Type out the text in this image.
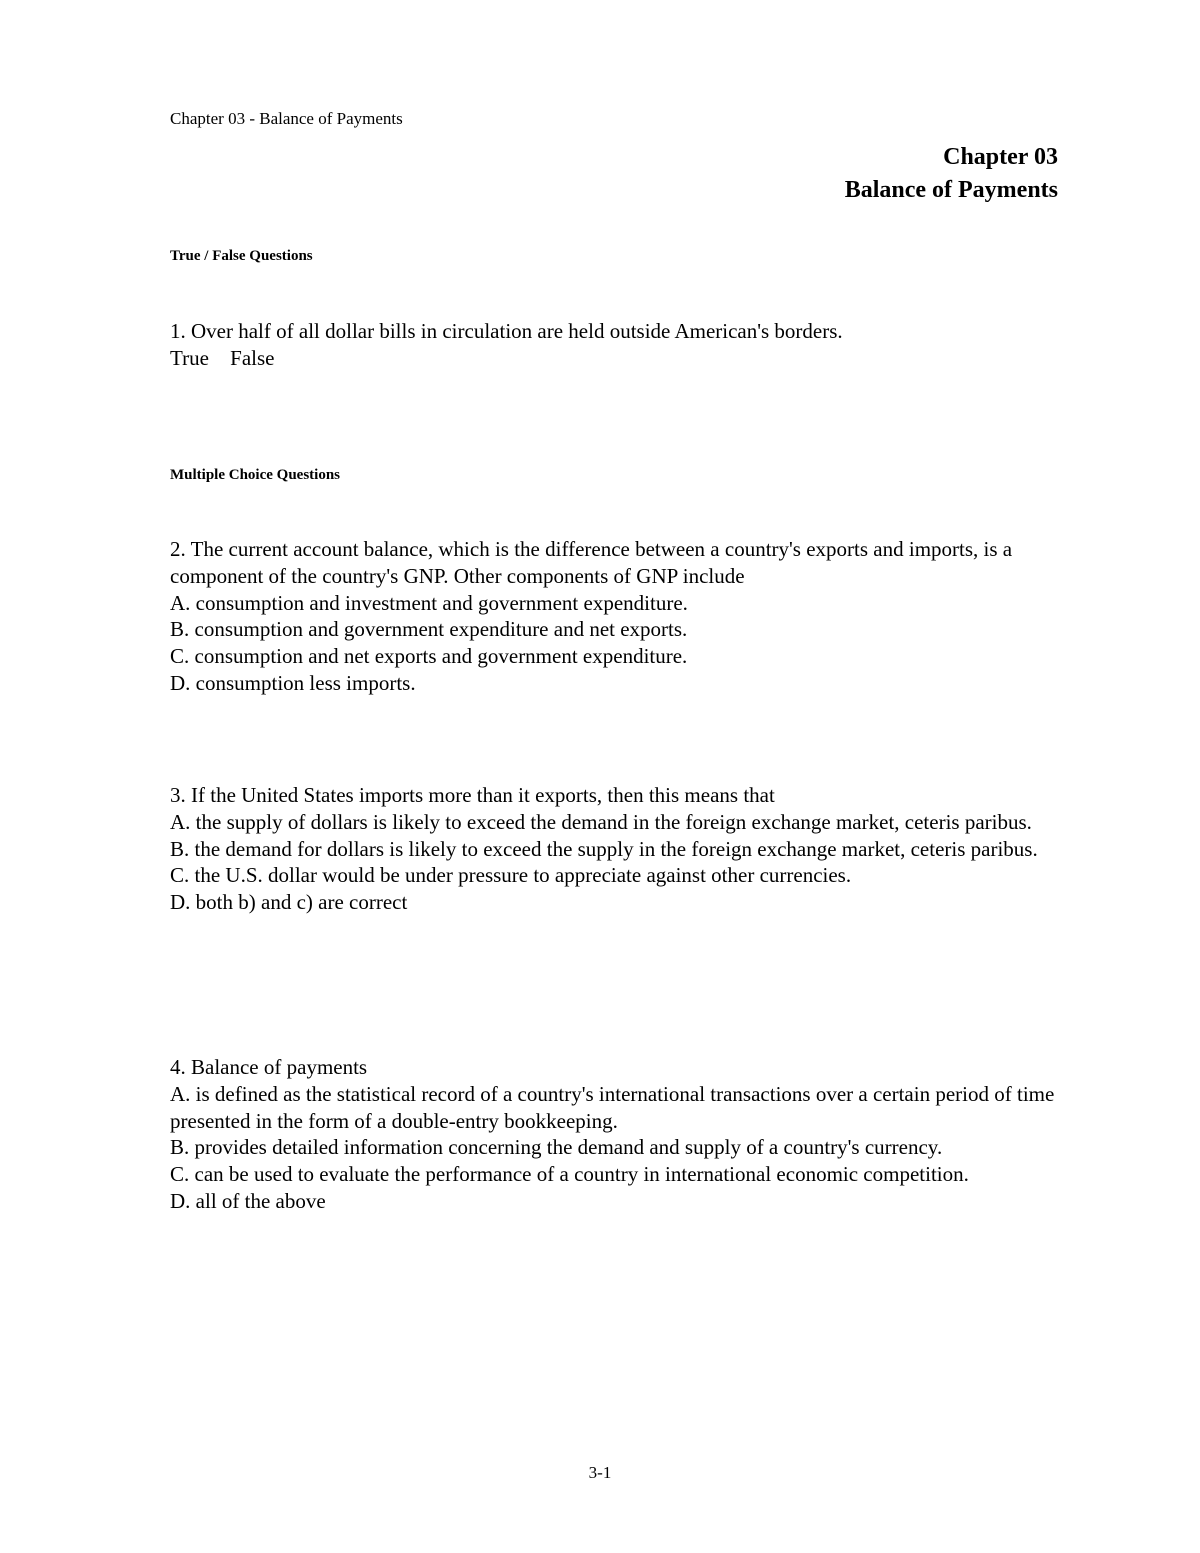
Chapter 03 - Balance of Payments
Chapter 03
Balance of Payments
True / False Questions
1. Over half of all dollar bills in circulation are held outside American's borders.
True False
Multiple Choice Questions
2. The current account balance, which is the difference between a country's exports and imports, is a component of the country's GNP. Other components of GNP include
A. consumption and investment and government expenditure.
B. consumption and government expenditure and net exports.
C. consumption and net exports and government expenditure.
D. consumption less imports.
3. If the United States imports more than it exports, then this means that
A. the supply of dollars is likely to exceed the demand in the foreign exchange market, ceteris paribus.
B. the demand for dollars is likely to exceed the supply in the foreign exchange market, ceteris paribus.
C. the U.S. dollar would be under pressure to appreciate against other currencies.
D. both b) and c) are correct
4. Balance of payments
A. is defined as the statistical record of a country's international transactions over a certain period of time presented in the form of a double-entry bookkeeping.
B. provides detailed information concerning the demand and supply of a country's currency.
C. can be used to evaluate the performance of a country in international economic competition.
D. all of the above
3-1
